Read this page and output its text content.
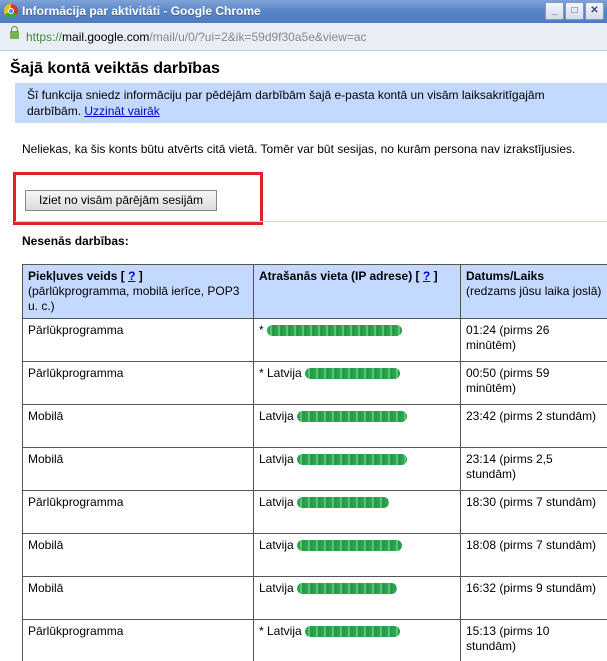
Informācija par aktivitāti - Google Chrome	_	□	✕
https://mail.google.com/mail/u/0/?ui=2&ik=59d9f30a5e&view=ac
Šajā kontā veiktās darbības
Šī funkcija sniedz informāciju par pēdējām darbībām šajā e-pasta kontā un visām laiksakritīgajām darbībām. Uzzināt vairāk
Neliekas, ka šis konts būtu atvērts citā vietā. Tomēr var būt sesijas, no kurām persona nav izrakstījusies.
Iziet no visām pārējām sesijām
Nesenās darbības:
Piekļuves veids [ ? ]
(pārlūkprogramma, mobilā ierīce, POP3 u. c.)	Atrašanās vieta (IP adrese) [ ? ]	Datums/Laiks
(redzams jūsu laika joslā)
Pārlūkprogramma	*	01:24 (pirms 26 minūtēm)
Pārlūkprogramma	* Latvija	00:50 (pirms 59 minūtēm)
Mobilā	Latvija	23:42 (pirms 2 stundām)
Mobilā	Latvija	23:14 (pirms 2,5 stundām)
Pārlūkprogramma	Latvija	18:30 (pirms 7 stundām)
Mobilā	Latvija	18:08 (pirms 7 stundām)
Mobilā	Latvija	16:32 (pirms 9 stundām)
Pārlūkprogramma	* Latvija	15:13 (pirms 10 stundām)
